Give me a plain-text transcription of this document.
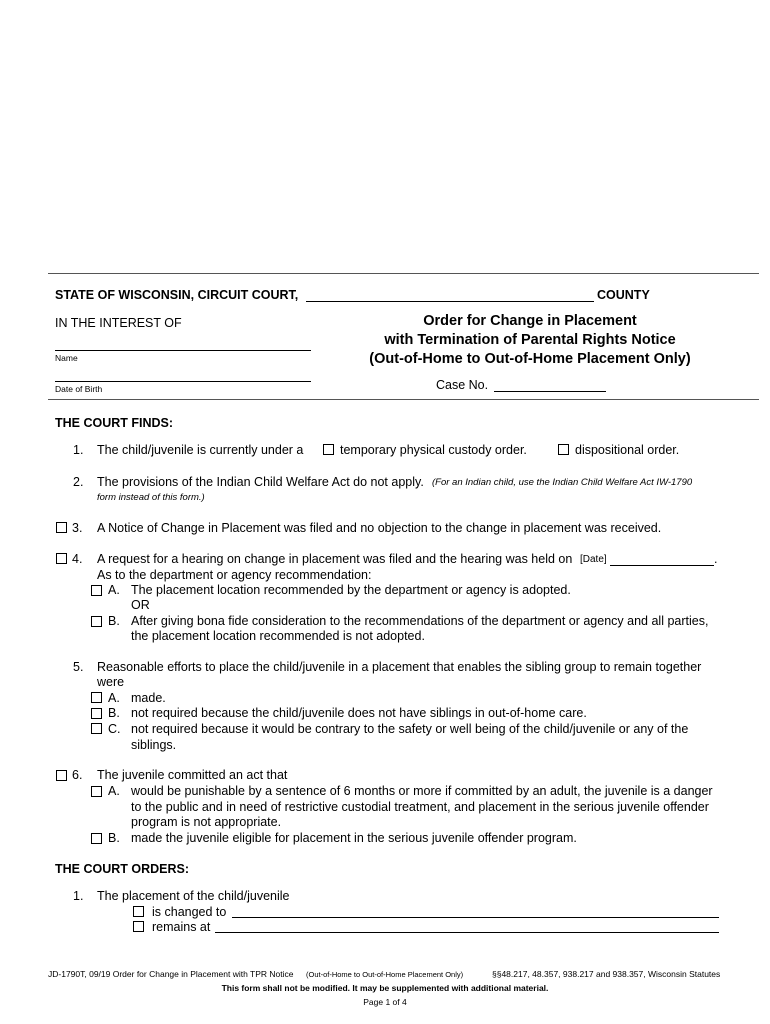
STATE OF WISCONSIN, CIRCUIT COURT,	COUNTY
IN THE INTEREST OF
Name
Date of Birth
Order for Change in Placement
with Termination of Parental Rights Notice
(Out-of-Home to Out-of-Home Placement Only)
Case No.
THE COURT FINDS:
1. The child/juvenile is currently under a	temporary physical custody order.	dispositional order.
2. The provisions of the Indian Child Welfare Act do not apply. (For an Indian child, use the Indian Child Welfare Act IW-1790
form instead of this form.)
3. A Notice of Change in Placement was filed and no objection to the change in placement was received.
4. A request for a hearing on change in placement was filed and the hearing was held on [Date]	.
As to the department or agency recommendation:
A. The placement location recommended by the department or agency is adopted.
OR
B. After giving bona fide consideration to the recommendations of the department or agency and all parties,
the placement location recommended is not adopted.
5. Reasonable efforts to place the child/juvenile in a placement that enables the sibling group to remain together
were
A. made.
B. not required because the child/juvenile does not have siblings in out-of-home care.
C. not required because it would be contrary to the safety or well being of the child/juvenile or any of the
siblings.
6. The juvenile committed an act that
A. would be punishable by a sentence of 6 months or more if committed by an adult, the juvenile is a danger
to the public and in need of restrictive custodial treatment, and placement in the serious juvenile offender
program is not appropriate.
B. made the juvenile eligible for placement in the serious juvenile offender program.
THE COURT ORDERS:
1. The placement of the child/juvenile
is changed to
remains at
JD-1790T, 09/19 Order for Change in Placement with TPR Notice (Out-of-Home to Out-of-Home Placement Only)	§§48.217, 48.357, 938.217 and 938.357, Wisconsin Statutes
This form shall not be modified. It may be supplemented with additional material.
Page 1 of 4
